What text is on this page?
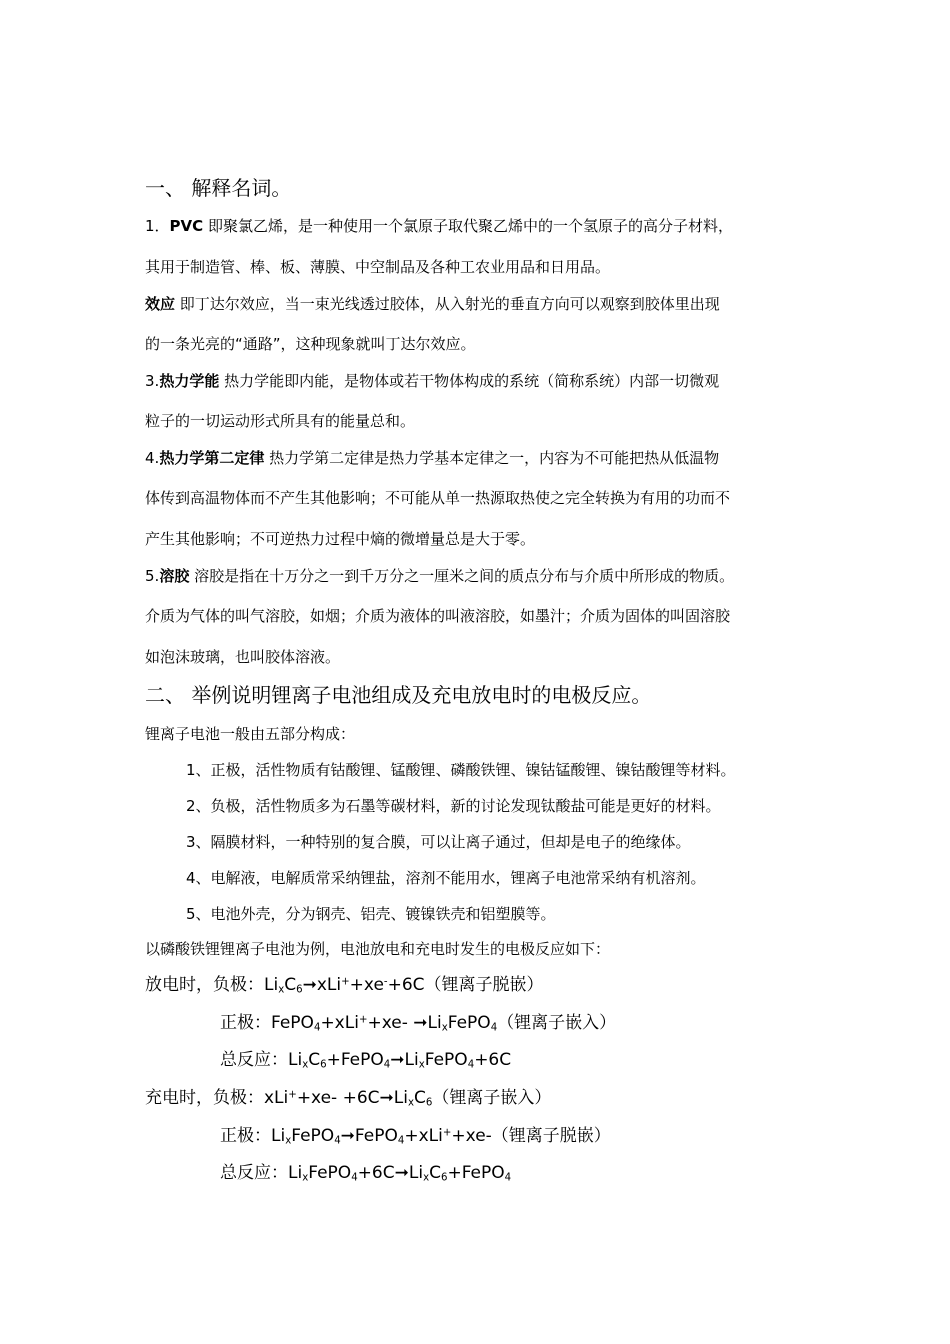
一、 解释名词。
1．PVC 即聚氯乙烯，是一种使用一个氯原子取代聚乙烯中的一个氢原子的高分子材料，
其用于制造管、棒、板、薄膜、中空制品及各种工农业用品和日用品。
效应 即丁达尔效应，当一束光线透过胶体，从入射光的垂直方向可以观察到胶体里出现
的一条光亮的“通路”，这种现象就叫丁达尔效应。
3.热力学能 热力学能即内能，是物体或若干物体构成的系统（简称系统）内部一切微观
粒子的一切运动形式所具有的能量总和。
4.热力学第二定律 热力学第二定律是热力学基本定律之一，内容为不可能把热从低温物
体传到高温物体而不产生其他影响；不可能从单一热源取热使之完全转换为有用的功而不
产生其他影响；不可逆热力过程中熵的微增量总是大于零。
5.溶胶 溶胶是指在十万分之一到千万分之一厘米之间的质点分布与介质中所形成的物质。
介质为气体的叫气溶胶，如烟；介质为液体的叫液溶胶，如墨汁；介质为固体的叫固溶胶
如泡沫玻璃，也叫胶体溶液。
二、 举例说明锂离子电池组成及充电放电时的电极反应。
锂离子电池一般由五部分构成：
1、正极，活性物质有钴酸锂、锰酸锂、磷酸铁锂、镍钴锰酸锂、镍钴酸锂等材料。
2、负极，活性物质多为石墨等碳材料，新的讨论发现钛酸盐可能是更好的材料。
3、隔膜材料，一种特别的复合膜，可以让离子通过，但却是电子的绝缘体。
4、电解液，电解质常采纳锂盐，溶剂不能用水，锂离子电池常采纳有机溶剂。
5、电池外壳，分为钢壳、铝壳、镀镍铁壳和铝塑膜等。
以磷酸铁锂锂离子电池为例，电池放电和充电时发生的电极反应如下：
放电时，负极：$Li_xC_6➞xLi^++xe^-+6C$（锂离子脱嵌）
正极：FePO$_4$+xLi++xe- $➞Li_xFePO_4$（锂离子嵌入）
总反应：$Li_xC_6+FePO_4➞Li_xFePO_4+6C$
充电时，负极：$xLi^++xe- +6C➞Li_xC_6$（锂离子嵌入）
正极：$Li_xFePO_4➞FePO_4+xLi^++xe-$（锂离子脱嵌）
总反应：$Li_xFePO_4+6C➞Li_xC_6+FePO_4$
